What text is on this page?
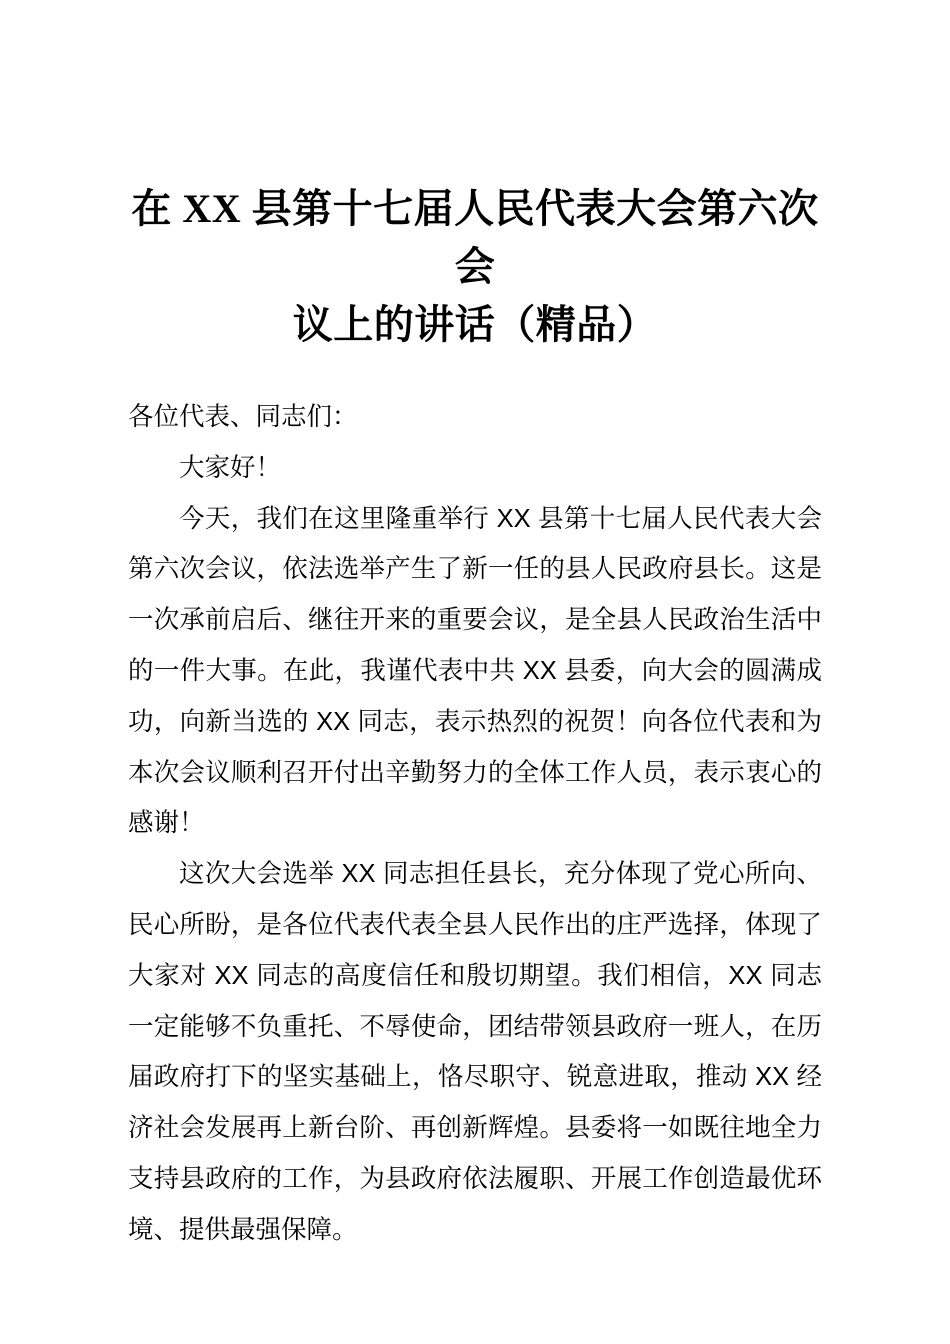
在 XX 县第十七届人民代表大会第六次会
议上的讲话（精品）

各位代表、同志们：

大家好！

今天，我们在这里隆重举行 XX 县第十七届人民代表大会第六次会议，依法选举产生了新一任的县人民政府县长。这是一次承前启后、继往开来的重要会议，是全县人民政治生活中的一件大事。在此，我谨代表中共 XX 县委，向大会的圆满成功，向新当选的 XX 同志，表示热烈的祝贺！向各位代表和为本次会议顺利召开付出辛勤努力的全体工作人员，表示衷心的感谢！

这次大会选举 XX 同志担任县长，充分体现了党心所向、民心所盼，是各位代表代表全县人民作出的庄严选择，体现了大家对 XX 同志的高度信任和殷切期望。我们相信，XX 同志一定能够不负重托、不辱使命，团结带领县政府一班人，在历届政府打下的坚实基础上，恪尽职守、锐意进取，推动 XX 经济社会发展再上新台阶、再创新辉煌。县委将一如既往地全力支持县政府的工作，为县政府依法履职、开展工作创造最优环境、提供最强保障。
